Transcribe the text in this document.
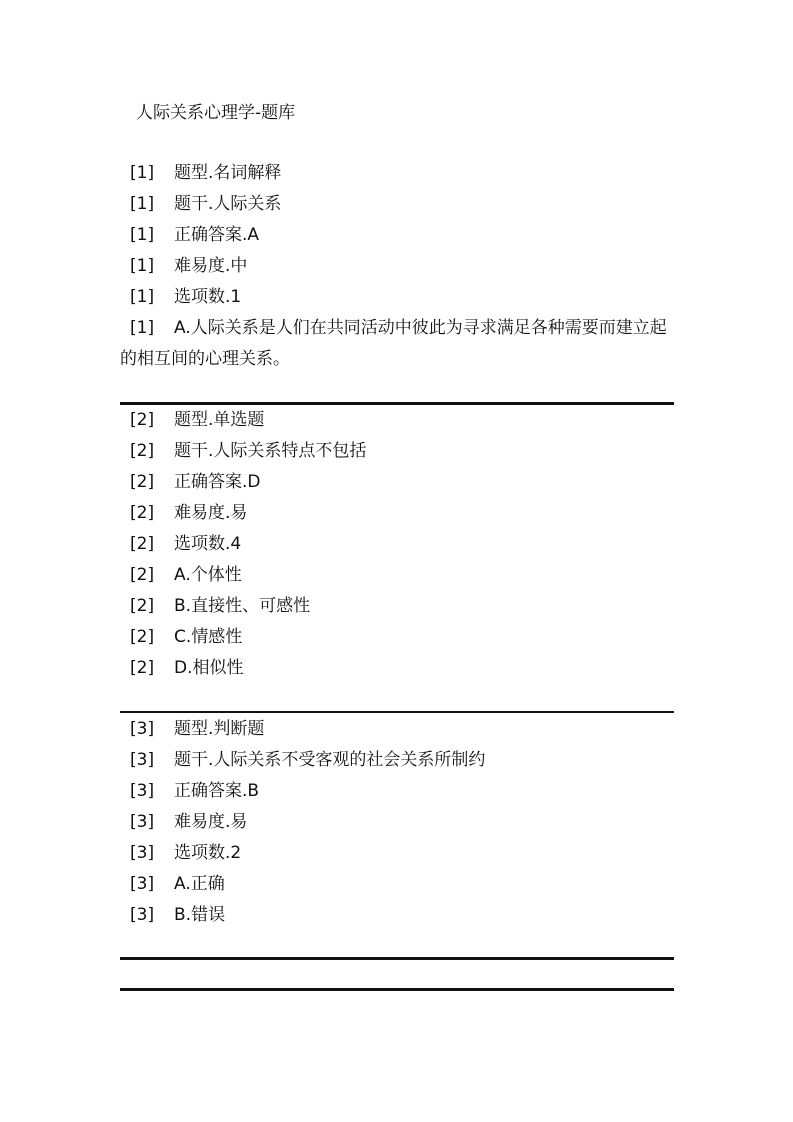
人际关系心理学-题库
[1] 题型.名词解释
[1] 题干.人际关系
[1] 正确答案.A
[1] 难易度.中
[1] 选项数.1
[1] A.人际关系是人们在共同活动中彼此为寻求满足各种需要而建立起的相互间的心理关系。
[2] 题型.单选题
[2] 题干.人际关系特点不包括
[2] 正确答案.D
[2] 难易度.易
[2] 选项数.4
[2] A.个体性
[2] B.直接性、可感性
[2] C.情感性
[2] D.相似性
[3] 题型.判断题
[3] 题干.人际关系不受客观的社会关系所制约
[3] 正确答案.B
[3] 难易度.易
[3] 选项数.2
[3] A.正确
[3] B.错误
